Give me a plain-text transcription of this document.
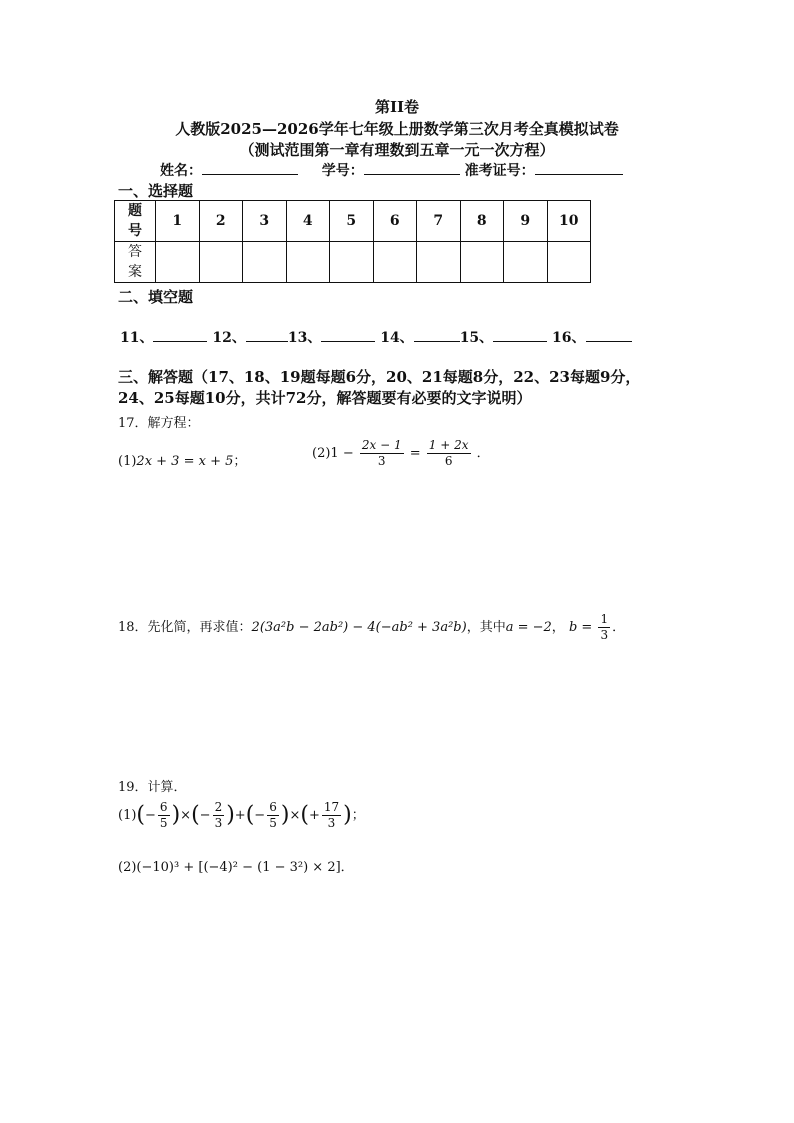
第II卷
人教版2025—2026学年七年级上册数学第三次月考全真模拟试卷
（测试范围第一章有理数到五章一元一次方程）
姓名：	学号：	准考证号：
一、选择题
题号	1	2	3	4	5	6	7	8	9	10
答案										
二、填空题
11、	12、	13、	14、	15、	16、
三、解答题（17、18、19题每题6分，20、21每题8分，22、23每题9分，
24、25每题10分，共计72分，解答题要有必要的文字说明）
17．解方程：
(1)2x + 3 = x + 5；
$(2)1 - \frac{2x - 1}{3} = \frac{1 + 2x}{6}$ ．
18．先化简，再求值：2(3a²b − 2ab²) − 4(−ab² + 3a²b)，其中a = −2， $b = \frac{1}{3}$ ．
19．计算．
$(1)(- \frac{6}{5}$ )×(− $\frac{2}{3}$ )+(− $\frac{6}{5}$ )×(+ $\frac{17}{3}$ )；
(2)(−10)³ + [(−4)² − (1 − 3²) × 2]．
